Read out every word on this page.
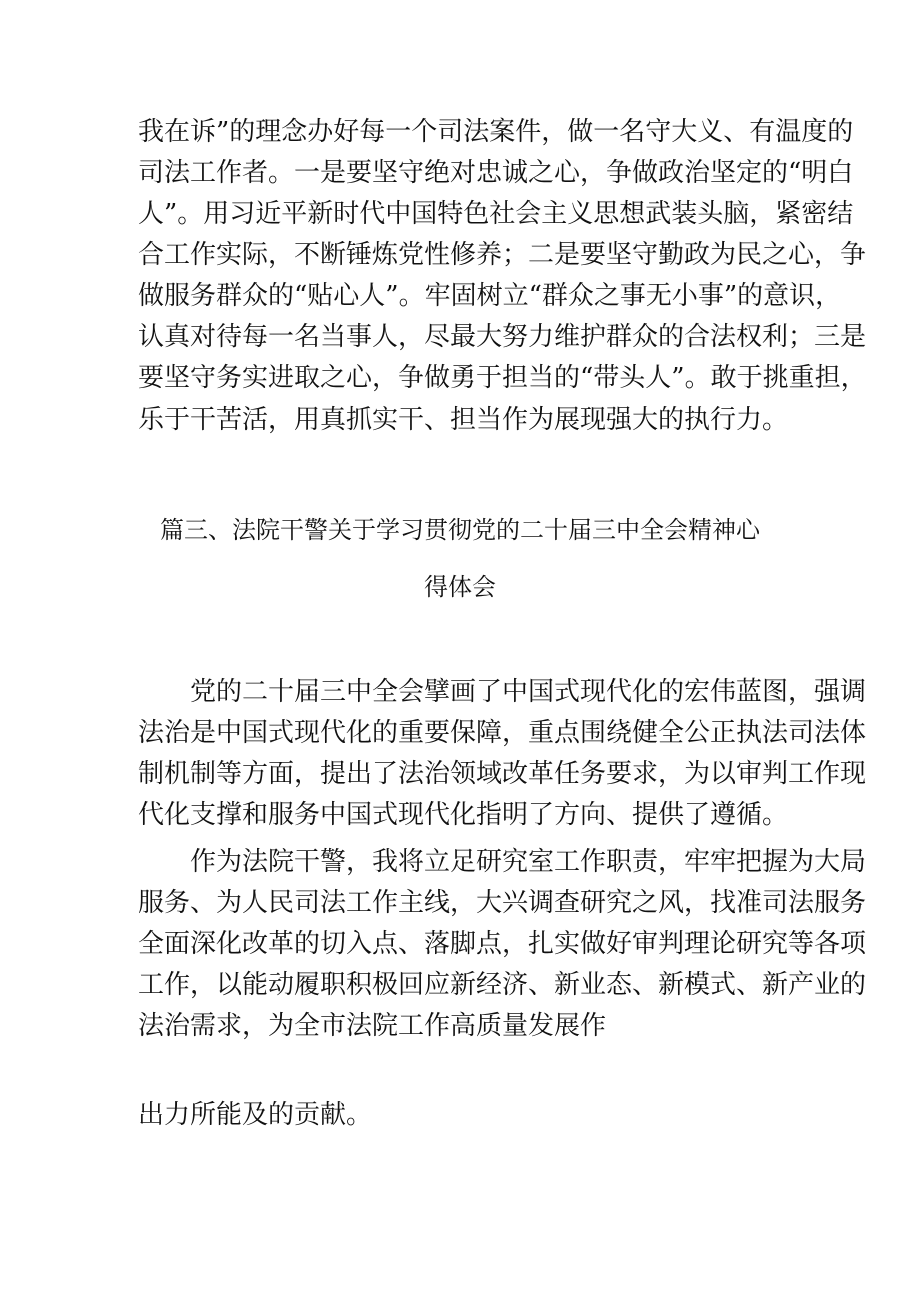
我在诉”的理念办好每一个司法案件，做一名守大义、有温度的

司法工作者。一是要坚守绝对忠诚之心，争做政治坚定的“明白

人”。用习近平新时代中国特色社会主义思想武装头脑，紧密结

合工作实际，不断锤炼党性修养；二是要坚守勤政为民之心，争

做服务群众的“贴心人”。牢固树立“群众之事无小事”的意识，

认真对待每一名当事人，尽最大努力维护群众的合法权利；三是

要坚守务实进取之心，争做勇于担当的“带头人”。敢于挑重担，

乐于干苦活，用真抓实干、担当作为展现强大的执行力。

篇三、法院干警关于学习贯彻党的二十届三中全会精神心
得体会

党的二十届三中全会擘画了中国式现代化的宏伟蓝图，强调

法治是中国式现代化的重要保障，重点围绕健全公正执法司法体

制机制等方面，提出了法治领域改革任务要求，为以审判工作现

代化支撑和服务中国式现代化指明了方向、提供了遵循。

作为法院干警，我将立足研究室工作职责，牢牢把握为大局

服务、为人民司法工作主线，大兴调查研究之风，找准司法服务

全面深化改革的切入点、落脚点，扎实做好审判理论研究等各项

工作，以能动履职积极回应新经济、新业态、新模式、新产业的

法治需求，为全市法院工作高质量发展作

出力所能及的贡献。
